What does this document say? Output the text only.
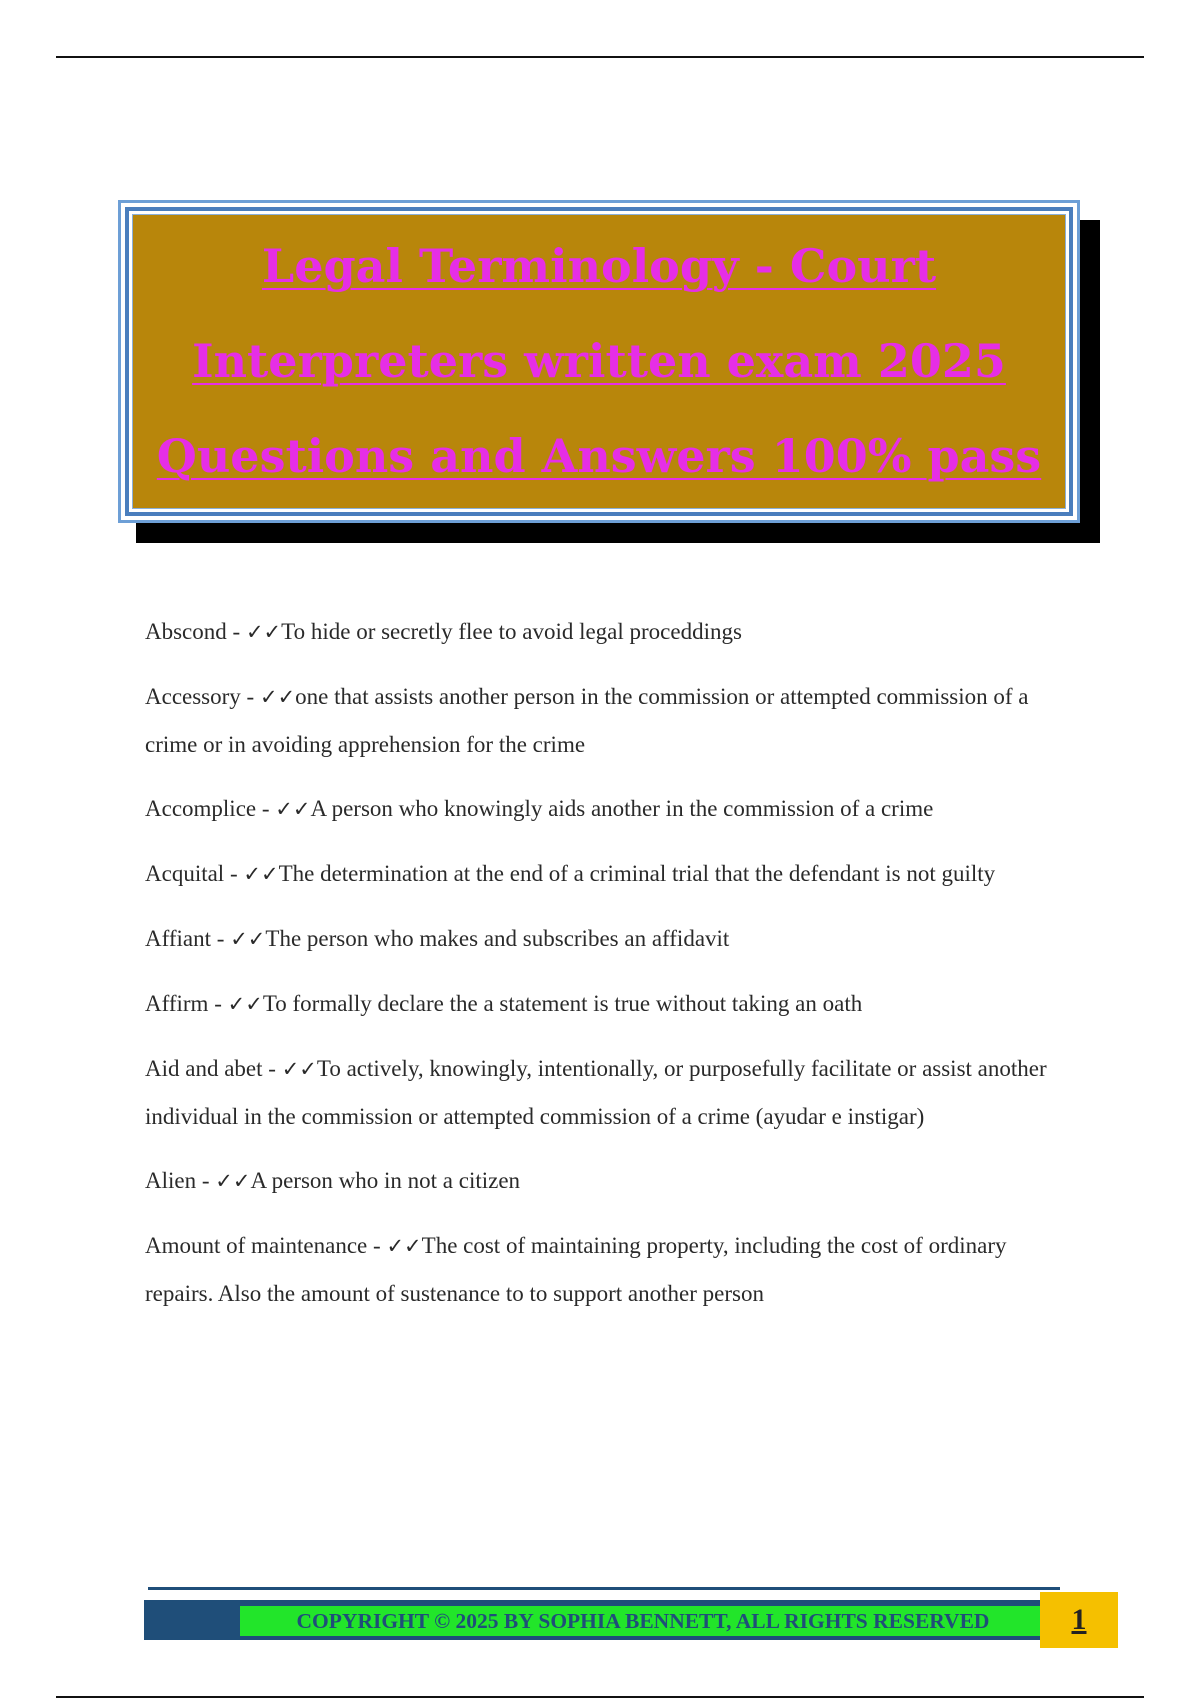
Legal Terminology - Court
Interpreters written exam 2025
Questions and Answers 100% pass
Abscond - ✓✓To hide or secretly flee to avoid legal proceddings
Accessory - ✓✓one that assists another person in the commission or attempted commission of a crime or in avoiding apprehension for the crime
Accomplice - ✓✓A person who knowingly aids another in the commission of a crime
Acquital - ✓✓The determination at the end of a criminal trial that the defendant is not guilty
Affiant - ✓✓The person who makes and subscribes an affidavit
Affirm - ✓✓To formally declare the a statement is true without taking an oath
Aid and abet - ✓✓To actively, knowingly, intentionally, or purposefully facilitate or assist another individual in the commission or attempted commission of a crime (ayudar e instigar)
Alien - ✓✓A person who in not a citizen
Amount of maintenance - ✓✓The cost of maintaining property, including the cost of ordinary repairs. Also the amount of sustenance to to support another person
COPYRIGHT © 2025 BY SOPHIA BENNETT, ALL RIGHTS RESERVED	1
